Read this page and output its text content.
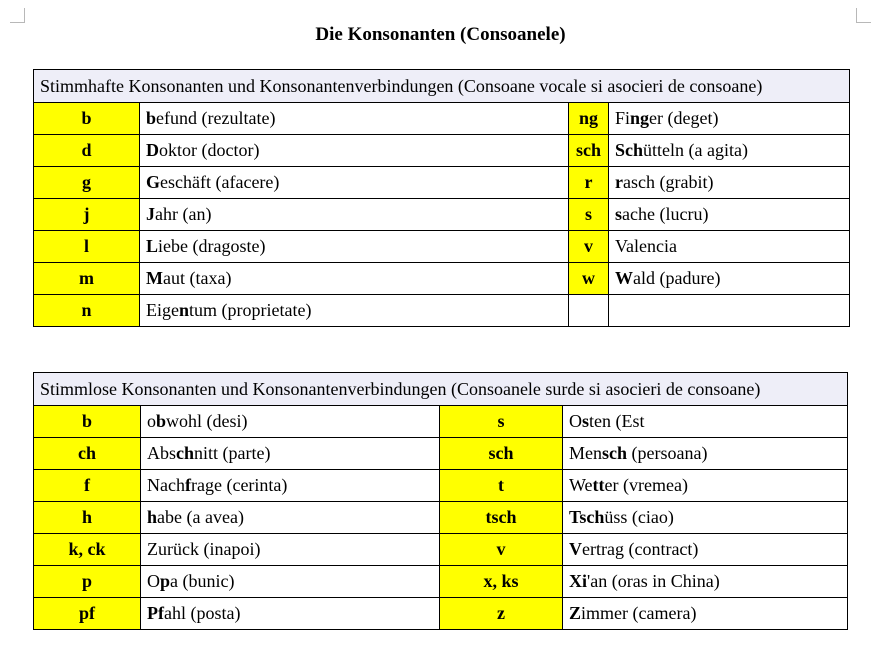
Die Konsonanten (Consoanele)
Stimmhafte Konsonanten und Konsonantenverbindungen (Consoane vocale si asocieri de consoane)			
b	befund (rezultate)	ng	Finger (deget)
d	Doktor (doctor)	sch	Schütteln (a agita)
g	Geschäft (afacere)	r	rasch (grabit)
j	Jahr (an)	s	sache (lucru)
l	Liebe (dragoste)	v	Valencia
m	Maut (taxa)	w	Wald (padure)
n	Eigentum (proprietate)		
Stimmlose Konsonanten und Konsonantenverbindungen (Consoanele surde si asocieri de consoane)			
b	obwohl (desi)	s	Osten (Est
ch	Abschnitt (parte)	sch	Mensch (persoana)
f	Nachfrage (cerinta)	t	Wetter (vremea)
h	habe (a avea)	tsch	Tschüss (ciao)
k, ck	Zurück (inapoi)	v	Vertrag (contract)
p	Opa (bunic)	x, ks	Xi'an (oras in China)
pf	Pfahl (posta)	z	Zimmer (camera)
